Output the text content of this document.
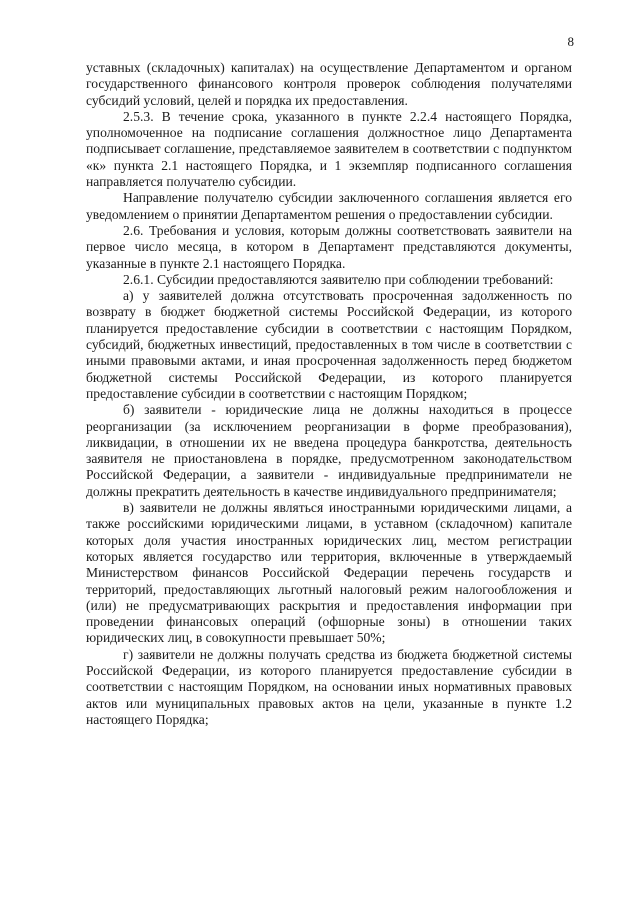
8

уставных (складочных) капиталах) на осуществление Департаментом и органом государственного финансового контроля проверок соблюдения получателями субсидий условий, целей и порядка их предоставления.

2.5.3. В течение срока, указанного в пункте 2.2.4 настоящего Порядка, уполномоченное на подписание соглашения должностное лицо Департамента подписывает соглашение, представляемое заявителем в соответствии с подпунктом «к» пункта 2.1 настоящего Порядка, и 1 экземпляр подписанного соглашения направляется получателю субсидии.

Направление получателю субсидии заключенного соглашения является его уведомлением о принятии Департаментом решения о предоставлении субсидии.

2.6. Требования и условия, которым должны соответствовать заявители на первое число месяца, в котором в Департамент представляются документы, указанные в пункте 2.1 настоящего Порядка.

2.6.1. Субсидии предоставляются заявителю при соблюдении требований:

а) у заявителей должна отсутствовать просроченная задолженность по возврату в бюджет бюджетной системы Российской Федерации, из которого планируется предоставление субсидии в соответствии с настоящим Порядком, субсидий, бюджетных инвестиций, предоставленных в том числе в соответствии с иными правовыми актами, и иная просроченная задолженность перед бюджетом бюджетной системы Российской Федерации, из которого планируется предоставление субсидии в соответствии с настоящим Порядком;

б) заявители - юридические лица не должны находиться в процессе реорганизации (за исключением реорганизации в форме преобразования), ликвидации, в отношении их не введена процедура банкротства, деятельность заявителя не приостановлена в порядке, предусмотренном законодательством Российской Федерации, а заявители - индивидуальные предприниматели не должны прекратить деятельность в качестве индивидуального предпринимателя;

в) заявители не должны являться иностранными юридическими лицами, а также российскими юридическими лицами, в уставном (складочном) капитале которых доля участия иностранных юридических лиц, местом регистрации которых является государство или территория, включенные в утверждаемый Министерством финансов Российской Федерации перечень государств и территорий, предоставляющих льготный налоговый режим налогообложения и (или) не предусматривающих раскрытия и предоставления информации при проведении финансовых операций (офшорные зоны) в отношении таких юридических лиц, в совокупности превышает 50%;

г) заявители не должны получать средства из бюджета бюджетной системы Российской Федерации, из которого планируется предоставление субсидии в соответствии с настоящим Порядком, на основании иных нормативных правовых актов или муниципальных правовых актов на цели, указанные в пункте 1.2 настоящего Порядка;
